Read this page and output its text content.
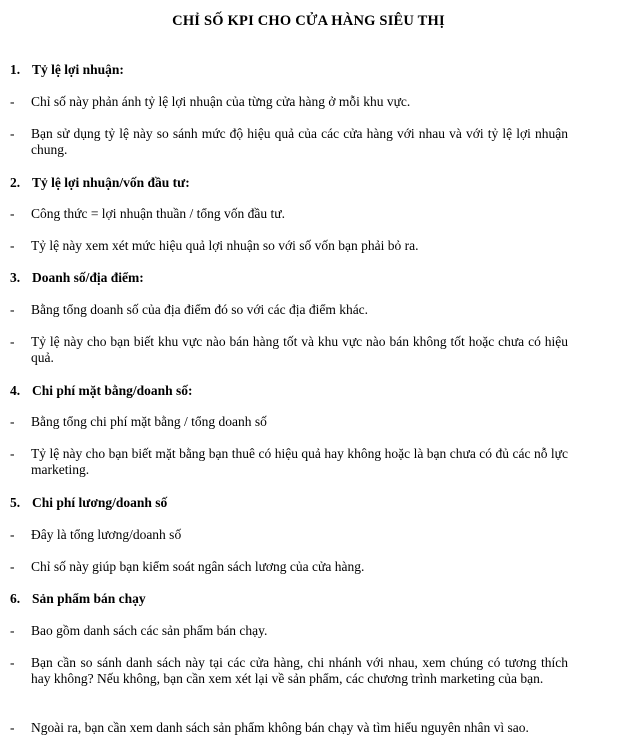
CHỈ SỐ KPI CHO CỬA HÀNG SIÊU THỊ
1. Tỷ lệ lợi nhuận:
- Chỉ số này phản ánh tỷ lệ lợi nhuận của từng cửa hàng ở mỗi khu vực.
- Bạn sử dụng tỷ lệ này so sánh mức độ hiệu quả của các cửa hàng với nhau và với tỷ lệ lợi nhuận chung.
2. Tỷ lệ lợi nhuận/vốn đầu tư:
- Công thức = lợi nhuận thuần / tổng vốn đầu tư.
- Tỷ lệ này xem xét mức hiệu quả lợi nhuận so với số vốn bạn phải bỏ ra.
3. Doanh số/địa điểm:
- Bằng tổng doanh số của địa điểm đó so với các địa điểm khác.
- Tỷ lệ này cho bạn biết khu vực nào bán hàng tốt và khu vực nào bán không tốt hoặc chưa có hiệu quả.
4. Chi phí mặt bằng/doanh số:
- Bằng tổng chi phí mặt bằng / tổng doanh số
- Tỷ lệ này cho bạn biết mặt bằng bạn thuê có hiệu quả hay không hoặc là bạn chưa có đủ các nỗ lực marketing.
5. Chi phí lương/doanh số
- Đây là tổng lương/doanh số
- Chỉ số này giúp bạn kiểm soát ngân sách lương của cửa hàng.
6. Sản phẩm bán chạy
- Bao gồm danh sách các sản phẩm bán chạy.
- Bạn cần so sánh danh sách này tại các cửa hàng, chi nhánh với nhau, xem chúng có tương thích hay không? Nếu không, bạn cần xem xét lại về sản phẩm, các chương trình marketing của bạn.
- Ngoài ra, bạn cần xem danh sách sản phẩm không bán chạy và tìm hiểu nguyên nhân vì sao.
